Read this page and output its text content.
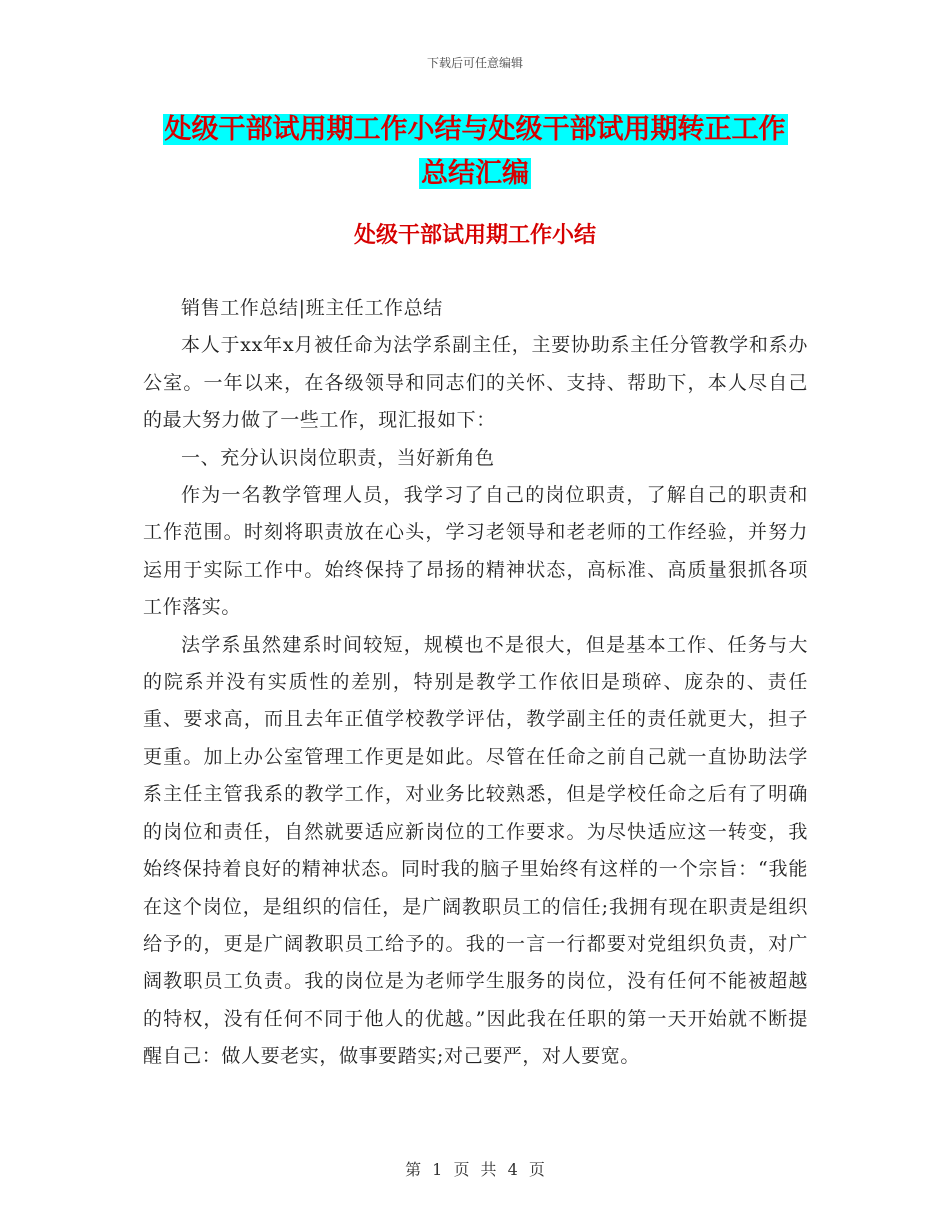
下载后可任意编辑
处级干部试用期工作小结与处级干部试用期转正工作
总结汇编
处级干部试用期工作小结

销售工作总结|班主任工作总结

本人于xx年x月被任命为法学系副主任，主要协助系主任分管教学和系办公室。一年以来，在各级领导和同志们的关怀、支持、帮助下，本人尽自己的最大努力做了一些工作，现汇报如下：

一、充分认识岗位职责，当好新角色

作为一名教学管理人员，我学习了自己的岗位职责，了解自己的职责和工作范围。时刻将职责放在心头，学习老领导和老老师的工作经验，并努力运用于实际工作中。始终保持了昂扬的精神状态，高标准、高质量狠抓各项工作落实。

法学系虽然建系时间较短，规模也不是很大，但是基本工作、任务与大的院系并没有实质性的差别，特别是教学工作依旧是琐碎、庞杂的、责任重、要求高，而且去年正值学校教学评估，教学副主任的责任就更大，担子更重。加上办公室管理工作更是如此。尽管在任命之前自己就一直协助法学系主任主管我系的教学工作，对业务比较熟悉，但是学校任命之后有了明确的岗位和责任，自然就要适应新岗位的工作要求。为尽快适应这一转变，我始终保持着良好的精神状态。同时我的脑子里始终有这样的一个宗旨：“我能在这个岗位，是组织的信任，是广阔教职员工的信任;我拥有现在职责是组织给予的，更是广阔教职员工给予的。我的一言一行都要对党组织负责，对广阔教职员工负责。我的岗位是为老师学生服务的岗位，没有任何不能被超越的特权，没有任何不同于他人的优越。”因此我在任职的第一天开始就不断提醒自己：做人要老实，做事要踏实;对己要严，对人要宽。

第 1 页 共 4 页
